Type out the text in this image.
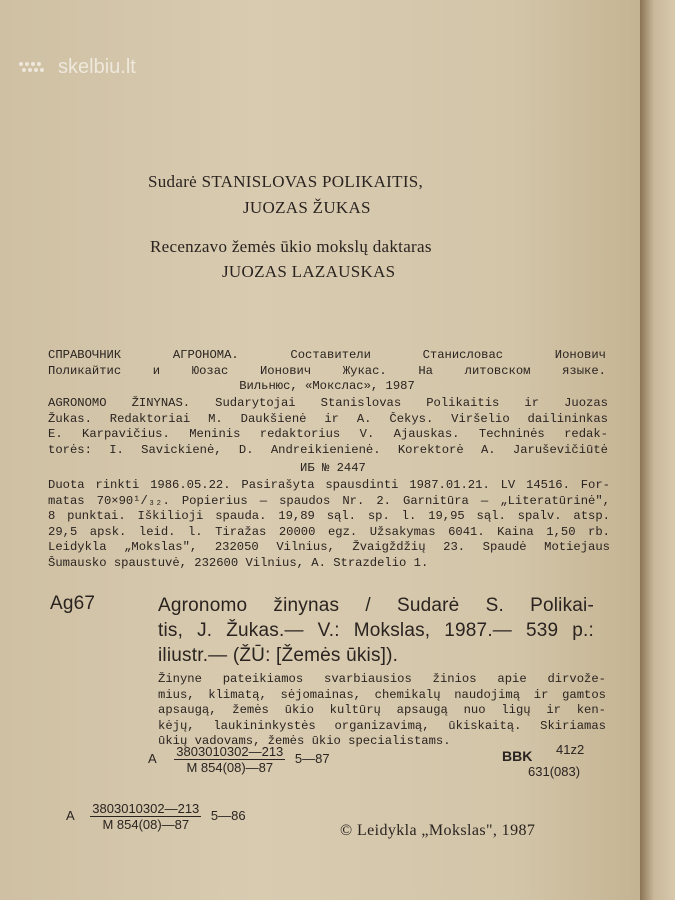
skelbiu.lt
Sudarė STANISLOVAS POLIKAITIS,
JUOZAS ŽUKAS
Recenzavo žemės ūkio mokslų daktaras
JUOZAS LAZAUSKAS
СПРАВОЧНИК АГРОНОМА. Составители Станисловас Ионович
Поликайтис и Юозас Ионович Жукас. На литовском языке.
Вильнюс, «Мокслас», 1987
AGRONOMO ŽINYNAS. Sudarytojai Stanislovas Polikaitis ir Juozas
Žukas. Redaktoriai M. Daukšienė ir A. Čekys. Viršelio dailininkas
E. Karpavičius. Meninis redaktorius V. Ajauskas. Techninės redak-
torės: I. Savickienė, D. Andreikienienė. Korektorė A. Jaruševičiūtė
ИБ № 2447
Duota rinkti 1986.05.22. Pasirašyta spausdinti 1987.01.21. LV 14516. For-
matas 70×90¹/₃₂. Popierius — spaudos Nr. 2. Garnitūra — „Literatūrinė",
8 punktai. Iškilioji spauda. 19,89 sąl. sp. l. 19,95 sąl. spalv. atsp.
29,5 apsk. leid. l. Tiražas 20000 egz. Užsakymas 6041. Kaina 1,50 rb.
Leidykla „Mokslas", 232050 Vilnius, Žvaigždžių 23. Spaudė Motiejaus
Šumausko spaustuvė, 232600 Vilnius, A. Strazdelio 1.
Ag67	Agronomo žinynas / Sudarė S. Polikai-
tis, J. Žukas.— V.: Mokslas, 1987.— 539 p.:
iliustr.— (ŽŪ: [Žemės ūkis]).
Žinyne pateikiamos svarbiausios žinios apie dirvože-
mius, klimatą, sėjomainas, chemikalų naudojimą ir gamtos
apsaugą, žemės ūkio kultūrų apsaugą nuo ligų ir ken-
kėjų, laukininkystės organizavimą, ūkiskaitą. Skiriamas
ūkių vadovams, žemės ūkio specialistams.
A $\frac{3803010302—213}{M 854(08)—87}$ 5—87	BBK 41z2
631(083)
A $\frac{3803010302—213}{M 854(08)—87}$ 5—86
© Leidykla „Mokslas", 1987
